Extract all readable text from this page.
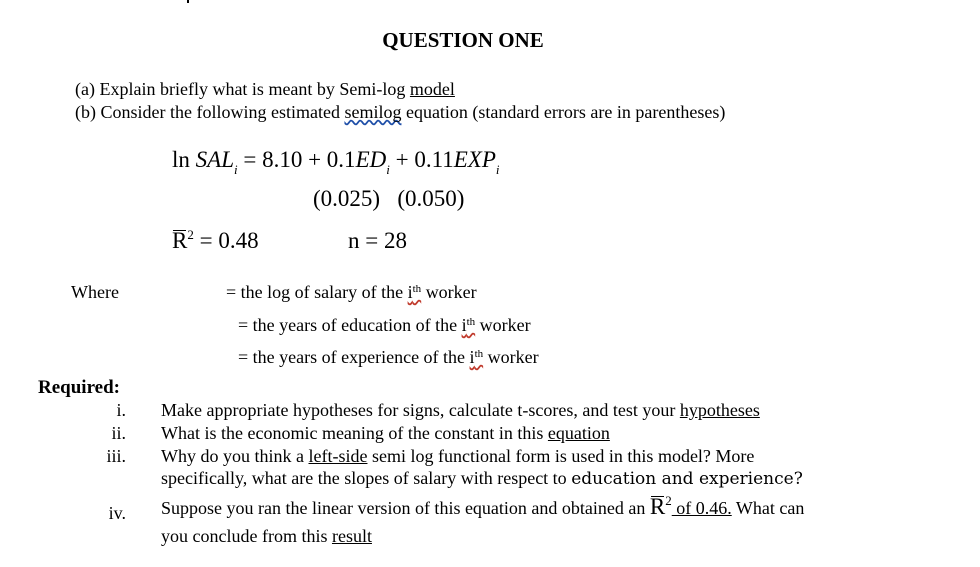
QUESTION ONE
(a) Explain briefly what is meant by Semi-log model
(b) Consider the following estimated semilog equation (standard errors are in parentheses)
$\ln SAL_i = 8.10 + 0.1ED_i + 0.11EXP_i$
(0.025)   (0.050)
$R^2 = 0.48$	n = 28
Where	= the log of salary of the $i^{th}$ worker
= the years of education of the $i^{th}$ worker
= the years of experience of the $i^{th}$ worker
Required:
i. Make appropriate hypotheses for signs, calculate t-scores, and test your hypotheses
ii. What is the economic meaning of the constant in this equation
iii. Why do you think a left-side semi log functional form is used in this model? More
specifically, what are the slopes of salary with respect to education and experience?
iv. Suppose you ran the linear version of this equation and obtained an $R^2$ of 0.46. What can
you conclude from this result
